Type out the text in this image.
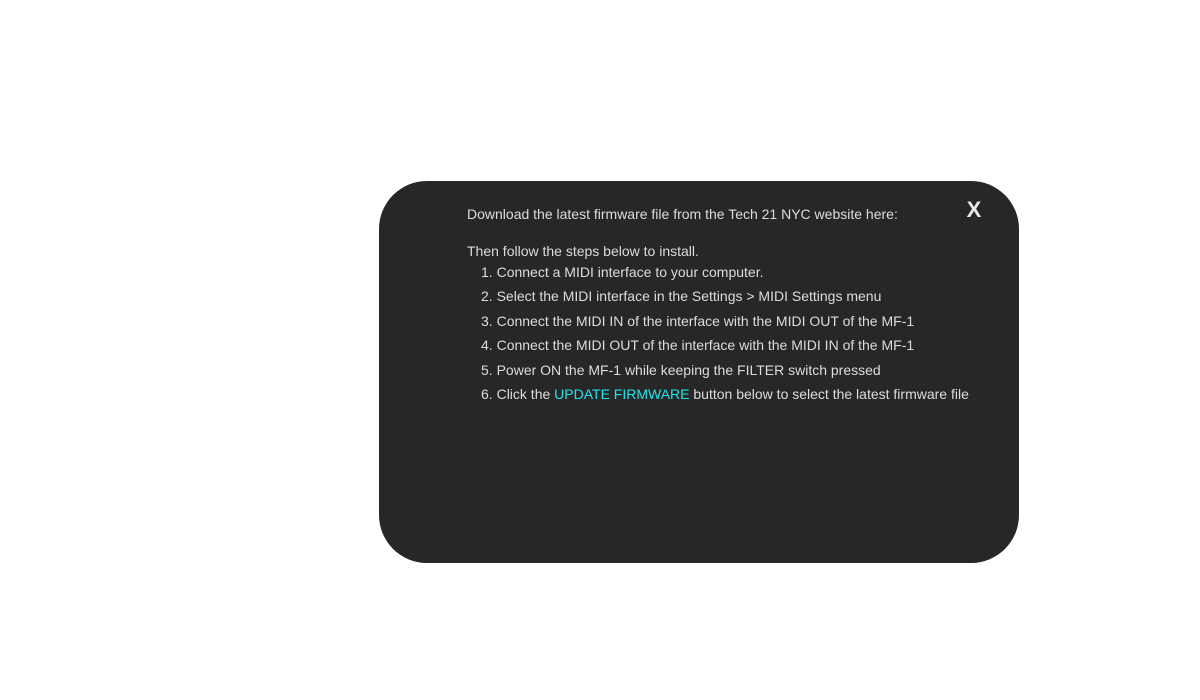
X

Download the latest firmware file from the Tech 21 NYC website here:

Then follow the steps below to install.

1. Connect a MIDI interface to your computer.
2. Select the MIDI interface in the Settings > MIDI Settings menu
3. Connect the MIDI IN of the interface with the MIDI OUT of the MF-1
4. Connect the MIDI OUT of the interface with the MIDI IN of the MF-1
5. Power ON the MF-1 while keeping the FILTER switch pressed
6. Click the UPDATE FIRMWARE button below to select the latest firmware file
